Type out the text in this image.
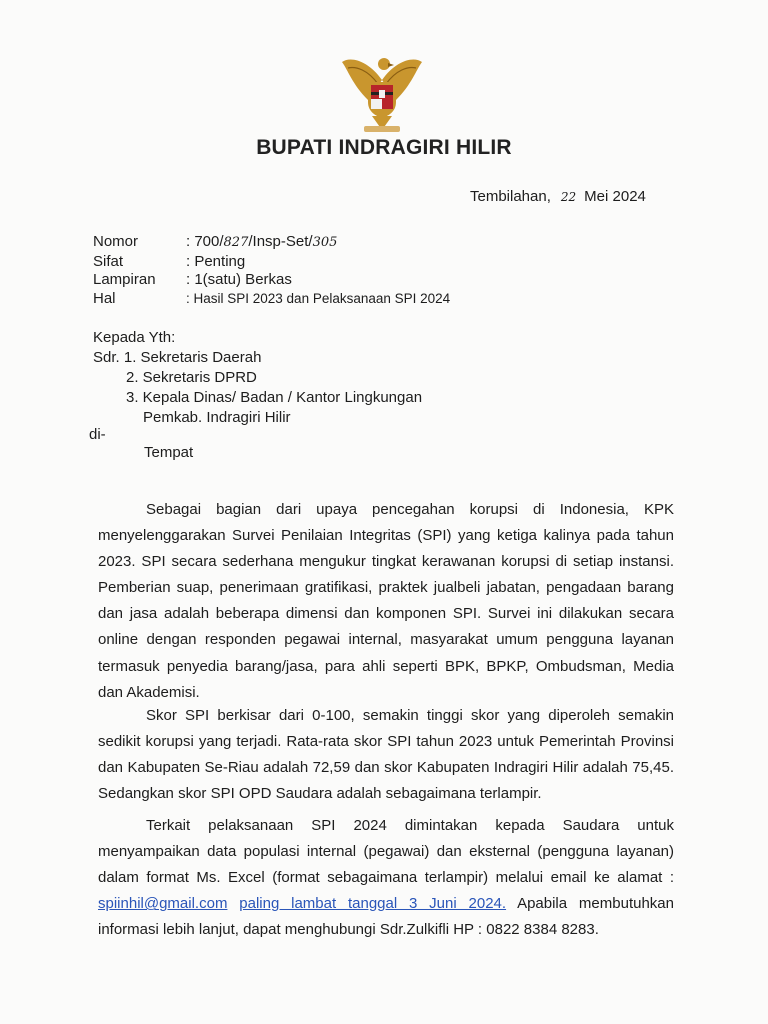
BUPATI INDRAGIRI HILIR
Tembilahan, 22 Mei 2024
Nomor	: 700/827/Insp-Set/305
Sifat	: Penting
Lampiran	: 1(satu) Berkas
Hal	: Hasil SPI 2023 dan Pelaksanaan SPI 2024
Kepada Yth:
Sdr. 1. Sekretaris Daerah
2. Sekretaris DPRD
3. Kepala Dinas/ Badan / Kantor Lingkungan
Pemkab. Indragiri Hilir
di-
Tempat

Sebagai bagian dari upaya pencegahan korupsi di Indonesia, KPK menyelenggarakan Survei Penilaian Integritas (SPI) yang ketiga kalinya pada tahun 2023. SPI secara sederhana mengukur tingkat kerawanan korupsi di setiap instansi. Pemberian suap, penerimaan gratifikasi, praktek jualbeli jabatan, pengadaan barang dan jasa adalah beberapa dimensi dan komponen SPI. Survei ini dilakukan secara online dengan responden pegawai internal, masyarakat umum pengguna layanan termasuk penyedia barang/jasa, para ahli seperti BPK, BPKP, Ombudsman, Media dan Akademisi.

Skor SPI berkisar dari 0-100, semakin tinggi skor yang diperoleh semakin sedikit korupsi yang terjadi. Rata-rata skor SPI tahun 2023 untuk Pemerintah Provinsi dan Kabupaten Se-Riau adalah 72,59 dan skor Kabupaten Indragiri Hilir adalah 75,45. Sedangkan skor SPI OPD Saudara adalah sebagaimana terlampir.

Terkait pelaksanaan SPI 2024 dimintakan kepada Saudara untuk menyampaikan data populasi internal (pegawai) dan eksternal (pengguna layanan) dalam format Ms. Excel (format sebagaimana terlampir) melalui email ke alamat : spiinhil@gmail.com paling lambat tanggal 3 Juni 2024. Apabila membutuhkan informasi lebih lanjut, dapat menghubungi Sdr.Zulkifli HP : 0822 8384 8283.
